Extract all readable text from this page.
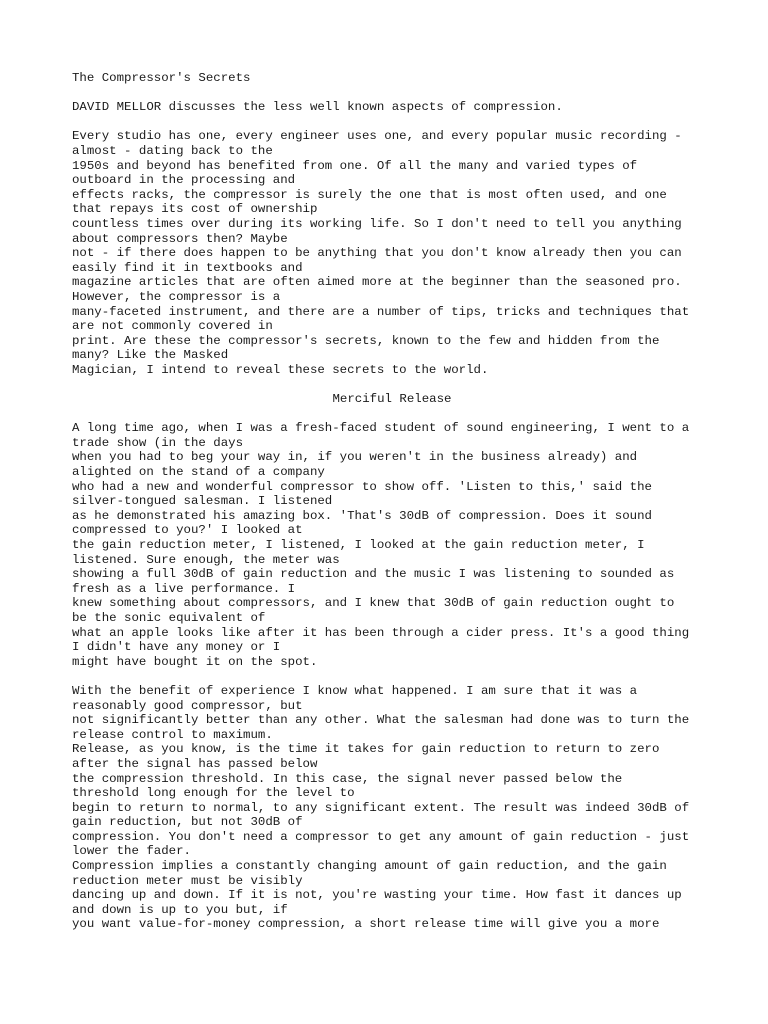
The Compressor's Secrets
DAVID MELLOR discusses the less well known aspects of compression.
Every studio has one, every engineer uses one, and every popular music recording -
almost - dating back to the
1950s and beyond has benefited from one. Of all the many and varied types of
outboard in the processing and
effects racks, the compressor is surely the one that is most often used, and one
that repays its cost of ownership
countless times over during its working life. So I don't need to tell you anything
about compressors then? Maybe
not - if there does happen to be anything that you don't know already then you can
easily find it in textbooks and
magazine articles that are often aimed more at the beginner than the seasoned pro.
However, the compressor is a
many-faceted instrument, and there are a number of tips, tricks and techniques that
are not commonly covered in
print. Are these the compressor's secrets, known to the few and hidden from the
many? Like the Masked
Magician, I intend to reveal these secrets to the world.
Merciful Release
A long time ago, when I was a fresh-faced student of sound engineering, I went to a
trade show (in the days
when you had to beg your way in, if you weren't in the business already) and
alighted on the stand of a company
who had a new and wonderful compressor to show off. 'Listen to this,' said the
silver-tongued salesman. I listened
as he demonstrated his amazing box. 'That's 30dB of compression. Does it sound
compressed to you?' I looked at
the gain reduction meter, I listened, I looked at the gain reduction meter, I
listened. Sure enough, the meter was
showing a full 30dB of gain reduction and the music I was listening to sounded as
fresh as a live performance. I
knew something about compressors, and I knew that 30dB of gain reduction ought to
be the sonic equivalent of
what an apple looks like after it has been through a cider press. It's a good thing
I didn't have any money or I
might have bought it on the spot.
With the benefit of experience I know what happened. I am sure that it was a
reasonably good compressor, but
not significantly better than any other. What the salesman had done was to turn the
release control to maximum.
Release, as you know, is the time it takes for gain reduction to return to zero
after the signal has passed below
the compression threshold. In this case, the signal never passed below the
threshold long enough for the level to
begin to return to normal, to any significant extent. The result was indeed 30dB of
gain reduction, but not 30dB of
compression. You don't need a compressor to get any amount of gain reduction - just
lower the fader.
Compression implies a constantly changing amount of gain reduction, and the gain
reduction meter must be visibly
dancing up and down. If it is not, you're wasting your time. How fast it dances up
and down is up to you but, if
you want value-for-money compression, a short release time will give you a more
